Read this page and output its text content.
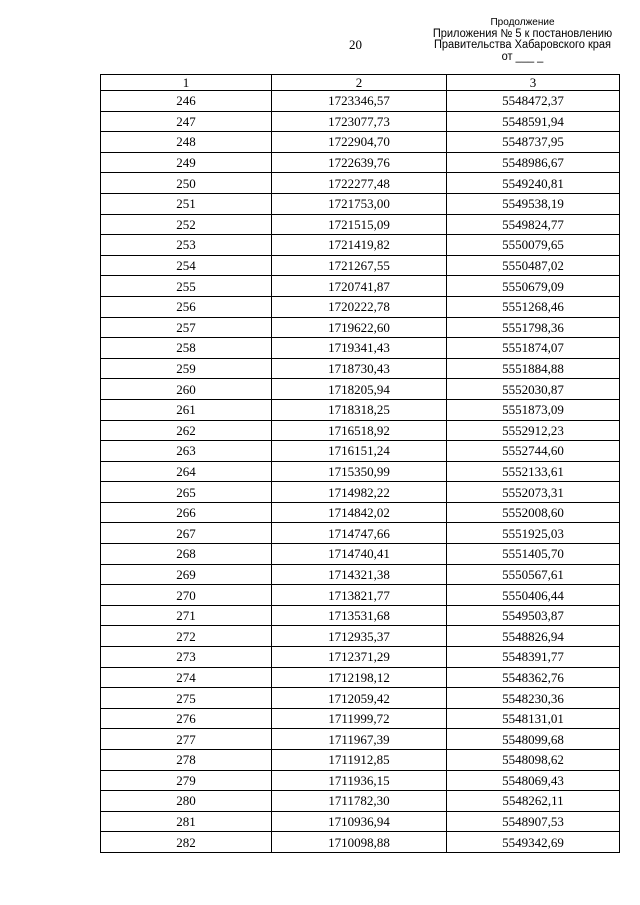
20
Продолжение
Приложения № 5 к постановлению
Правительства Хабаровского края
от ___ _
1	2	3
246	1723346,57	5548472,37
247	1723077,73	5548591,94
248	1722904,70	5548737,95
249	1722639,76	5548986,67
250	1722277,48	5549240,81
251	1721753,00	5549538,19
252	1721515,09	5549824,77
253	1721419,82	5550079,65
254	1721267,55	5550487,02
255	1720741,87	5550679,09
256	1720222,78	5551268,46
257	1719622,60	5551798,36
258	1719341,43	5551874,07
259	1718730,43	5551884,88
260	1718205,94	5552030,87
261	1718318,25	5551873,09
262	1716518,92	5552912,23
263	1716151,24	5552744,60
264	1715350,99	5552133,61
265	1714982,22	5552073,31
266	1714842,02	5552008,60
267	1714747,66	5551925,03
268	1714740,41	5551405,70
269	1714321,38	5550567,61
270	1713821,77	5550406,44
271	1713531,68	5549503,87
272	1712935,37	5548826,94
273	1712371,29	5548391,77
274	1712198,12	5548362,76
275	1712059,42	5548230,36
276	1711999,72	5548131,01
277	1711967,39	5548099,68
278	1711912,85	5548098,62
279	1711936,15	5548069,43
280	1711782,30	5548262,11
281	1710936,94	5548907,53
282	1710098,88	5549342,69
